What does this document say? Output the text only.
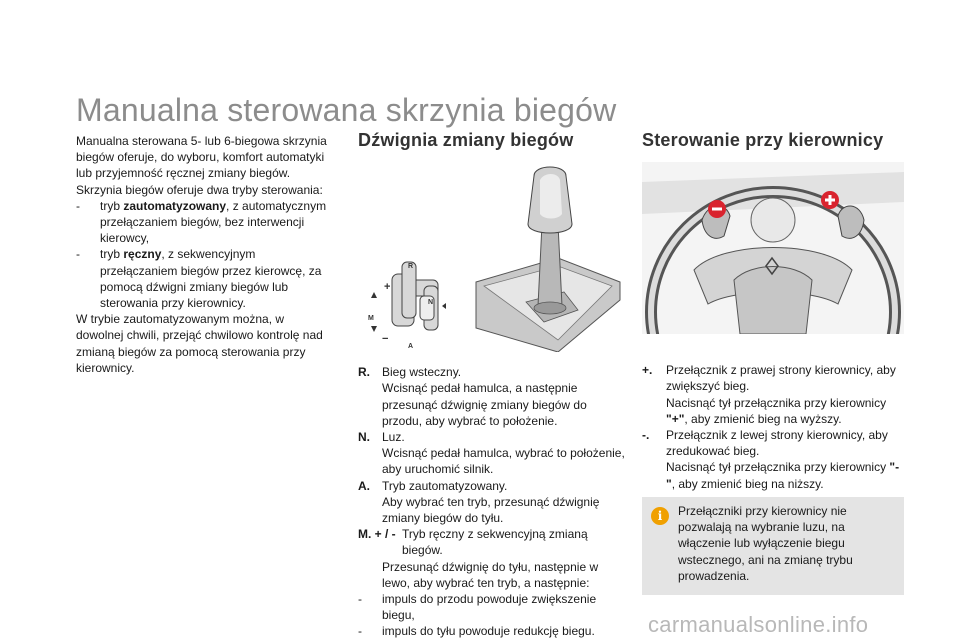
Manualna sterowana skrzynia biegów

Manualna sterowana 5- lub 6-biegowa skrzynia biegów oferuje, do wyboru, komfort automatyki lub przyjemność ręcznej zmiany biegów.

Skrzynia biegów oferuje dwa tryby sterowania:

- tryb zautomatyzowany, z automatycznym przełączaniem biegów, bez interwencji kierowcy,
- tryb ręczny, z sekwencyjnym przełączaniem biegów przez kierowcę, za pomocą dźwigni zmiany biegów lub sterowania przy kierownicy.

W trybie zautomatyzowanym można, w dowolnej chwili, przejąć chwilowo kontrolę nad zmianą biegów za pomocą sterowania przy kierownicy.

Dźwignia zmiany biegów
R
N
A
M
+
−
R. Bieg wsteczny.
Wcisnąć pedał hamulca, a następnie przesunąć dźwignię zmiany biegów do przodu, aby wybrać to położenie.
N. Luz.
Wcisnąć pedał hamulca, wybrać to położenie, aby uruchomić silnik.
A. Tryb zautomatyzowany.
Aby wybrać ten tryb, przesunąć dźwignię zmiany biegów do tyłu.
M. + / - Tryb ręczny z sekwencyjną zmianą biegów.
Przesunąć dźwignię do tyłu, następnie w lewo, aby wybrać ten tryb, a następnie:
- impuls do przodu powoduje zwiększenie biegu,
- impuls do tyłu powoduje redukcję biegu.
Sterowanie przy kierownicy
+. Przełącznik z prawej strony kierownicy, aby zwiększyć bieg.
Nacisnąć tył przełącznika przy kierownicy "+", aby zmienić bieg na wyższy.
-. Przełącznik z lewej strony kierownicy, aby zredukować bieg.
Nacisnąć tył przełącznika przy kierownicy "-", aby zmienić bieg na niższy.
i	Przełączniki przy kierownicy nie pozwalają na wybranie luzu, na włączenie lub wyłączenie biegu wstecznego, ani na zmianę trybu prowadzenia.
carmanualsonline.info
